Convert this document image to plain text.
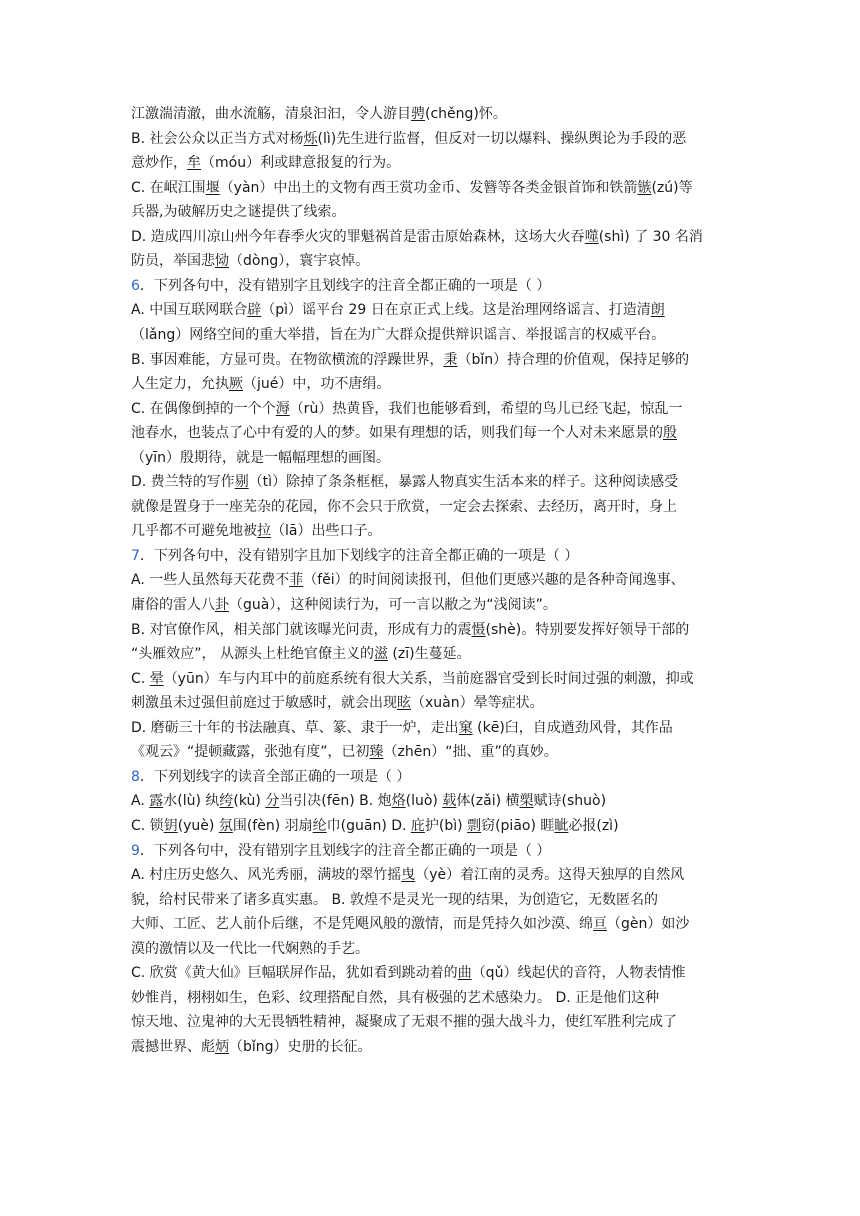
江激湍清澈，曲水流觞，清泉汩汩，令人游目骋(chěng)怀。
B. 社会公众以正当方式对杨烁(lì)先生进行监督，但反对一切以爆料、操纵舆论为手段的恶
意炒作，牟（móu）利或肆意报复的行为。
C. 在岷江围堰（yàn）中出土的文物有西王赏功金币、发簪等各类金银首饰和铁箭镞(zú)等
兵器,为破解历史之谜提供了线索。
D. 造成四川凉山州今年春季火灾的罪魁祸首是雷击原始森林，这场大火吞噬(shì) 了 30 名消
防员，举国悲恸（dòng），寰宇哀悼。
6．下列各句中，没有错别字且划线字的注音全都正确的一项是（ ）
A. 中国互联网联合辟（pì）谣平台 29 日在京正式上线。这是治理网络谣言、打造清朗
（lǎng）网络空间的重大举措，旨在为广大群众提供辩识谣言、举报谣言的权威平台。
B. 事因难能，方显可贵。在物欲横流的浮躁世界，秉（bǐn）持合理的价值观，保持足够的
人生定力，允执厥（jué）中，功不唐绢。
C. 在偶像倒掉的一个个溽（rù）热黄昏，我们也能够看到，希望的鸟儿已经飞起，惊乱一
池春水，也装点了心中有爱的人的梦。如果有理想的话，则我们每一个人对未来愿景的殷
（yīn）殷期待，就是一幅幅理想的画图。
D. 费兰特的写作剔（tì）除掉了条条框框，暴露人物真实生活本来的样子。这种阅读感受
就像是置身于一座芜杂的花园，你不会只于欣赏，一定会去探索、去经历，离开时，身上
几乎都不可避免地被拉（lā）出些口子。
7．下列各句中，没有错别字且加下划线字的注音全都正确的一项是（ ）
A. 一些人虽然每天花费不菲（fěi）的时间阅读报刊，但他们更感兴趣的是各种奇闻逸事、
庸俗的雷人八卦（guà），这种阅读行为，可一言以敝之为“浅阅读”。
B. 对官僚作风，相关部门就该曝光问责，形成有力的震慑(shè)。特别要发挥好领导干部的
“头雁效应”， 从源头上杜绝官僚主义的滋 (zī)生蔓延。
C. 晕（yūn）车与内耳中的前庭系统有很大关系，当前庭器官受到长时间过强的刺激，抑或
刺激虽未过强但前庭过于敏感时，就会出现眩（xuàn）晕等症状。
D. 磨砺三十年的书法融真、草、篆、隶于一炉，走出窠 (kē)臼，自成遒劲风骨，其作品
《观云》“提顿藏露，张弛有度”，已初臻（zhēn）“拙、重”的真妙。
8．下列划线字的读音全部正确的一项是（ ）
A. 露水(lù) 纨绔(kù) 分当引决(fēn) B. 炮烙(luò) 载体(zǎi) 横槊赋诗(shuò)
C. 锁钥(yuè) 氛围(fèn) 羽扇纶巾(guān) D. 庇护(bì) 剽窃(piāo) 睚眦必报(zì)
9．下列各句中，没有错别字且划线字的注音全都正确的一项是（ ）
A. 村庄历史悠久、风光秀丽，满坡的翠竹摇曳（yè）着江南的灵秀。这得天独厚的自然风
貌，给村民带来了诸多真实惠。 B. 敦煌不是灵光一现的结果，为创造它，无数匿名的
大师、工匠、艺人前仆后继，不是凭飓风般的激情，而是凭持久如沙漠、绵亘（gèn）如沙
漠的激情以及一代比一代娴熟的手艺。
C. 欣赏《黄大仙》巨幅联屏作品，犹如看到跳动着的曲（qǔ）线起伏的音符，人物表情惟
妙惟肖，栩栩如生，色彩、纹理搭配自然，具有极强的艺术感染力。 D. 正是他们这种
惊天地、泣鬼神的大无畏牺牲精神，凝聚成了无艰不摧的强大战斗力，使红军胜利完成了
震撼世界、彪炳（bǐng）史册的长征。
